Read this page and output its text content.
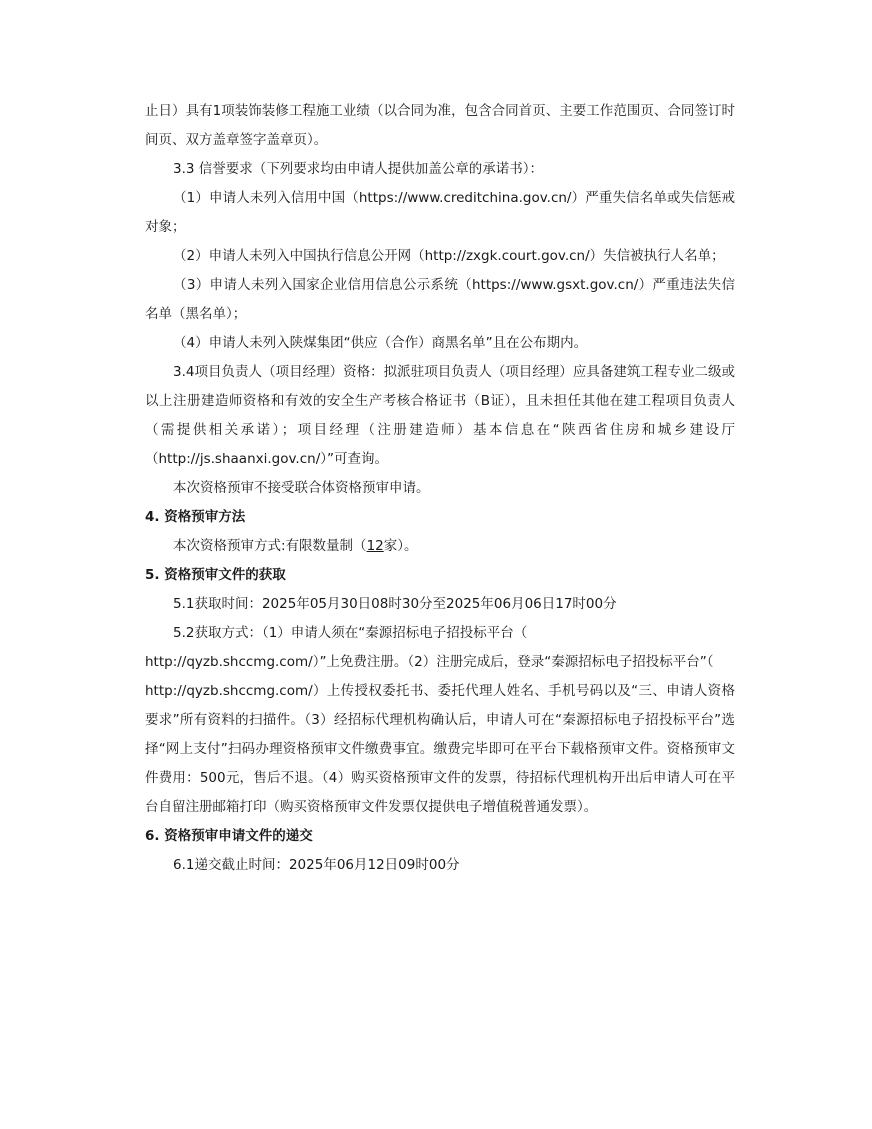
止日）具有1项装饰装修工程施工业绩（以合同为准，包含合同首页、主要工作范围页、合同签订时间页、双方盖章签字盖章页）。

3.3 信誉要求（下列要求均由申请人提供加盖公章的承诺书）：

（1）申请人未列入信用中国（https://www.creditchina.gov.cn/）严重失信名单或失信惩戒对象；

（2）申请人未列入中国执行信息公开网（http://zxgk.court.gov.cn/）失信被执行人名单；

（3）申请人未列入国家企业信用信息公示系统（https://www.gsxt.gov.cn/）严重违法失信名单（黑名单）；

（4）申请人未列入陕煤集团“供应（合作）商黑名单”且在公布期内。

3.4项目负责人（项目经理）资格：拟派驻项目负责人（项目经理）应具备建筑工程专业二级或以上注册建造师资格和有效的安全生产考核合格证书（B证），且未担任其他在建工程项目负责人（需提供相关承诺）；项目经理（注册建造师）基本信息在“陕西省住房和城乡建设厅（http://js.shaanxi.gov.cn/）”可查询。

本次资格预审不接受联合体资格预审申请。

4. 资格预审方法

本次资格预审方式:有限数量制（12家）。

5. 资格预审文件的获取

5.1获取时间：2025年05月30日08时30分至2025年06月06日17时00分

5.2获取方式：（1）申请人须在“秦源招标电子招投标平台（

http://qyzb.shccmg.com/）”上免费注册。（2）注册完成后，登录“秦源招标电子招投标平台”（

http://qyzb.shccmg.com/）上传授权委托书、委托代理人姓名、手机号码以及“三、申请人资格要求”所有资料的扫描件。（3）经招标代理机构确认后，申请人可在“秦源招标电子招投标平台”选择“网上支付”扫码办理资格预审文件缴费事宜。缴费完毕即可在平台下载格预审文件。资格预审文件费用：500元，售后不退。（4）购买资格预审文件的发票，待招标代理机构开出后申请人可在平台自留注册邮箱打印（购买资格预审文件发票仅提供电子增值税普通发票）。

6. 资格预审申请文件的递交

6.1递交截止时间：2025年06月12日09时00分
